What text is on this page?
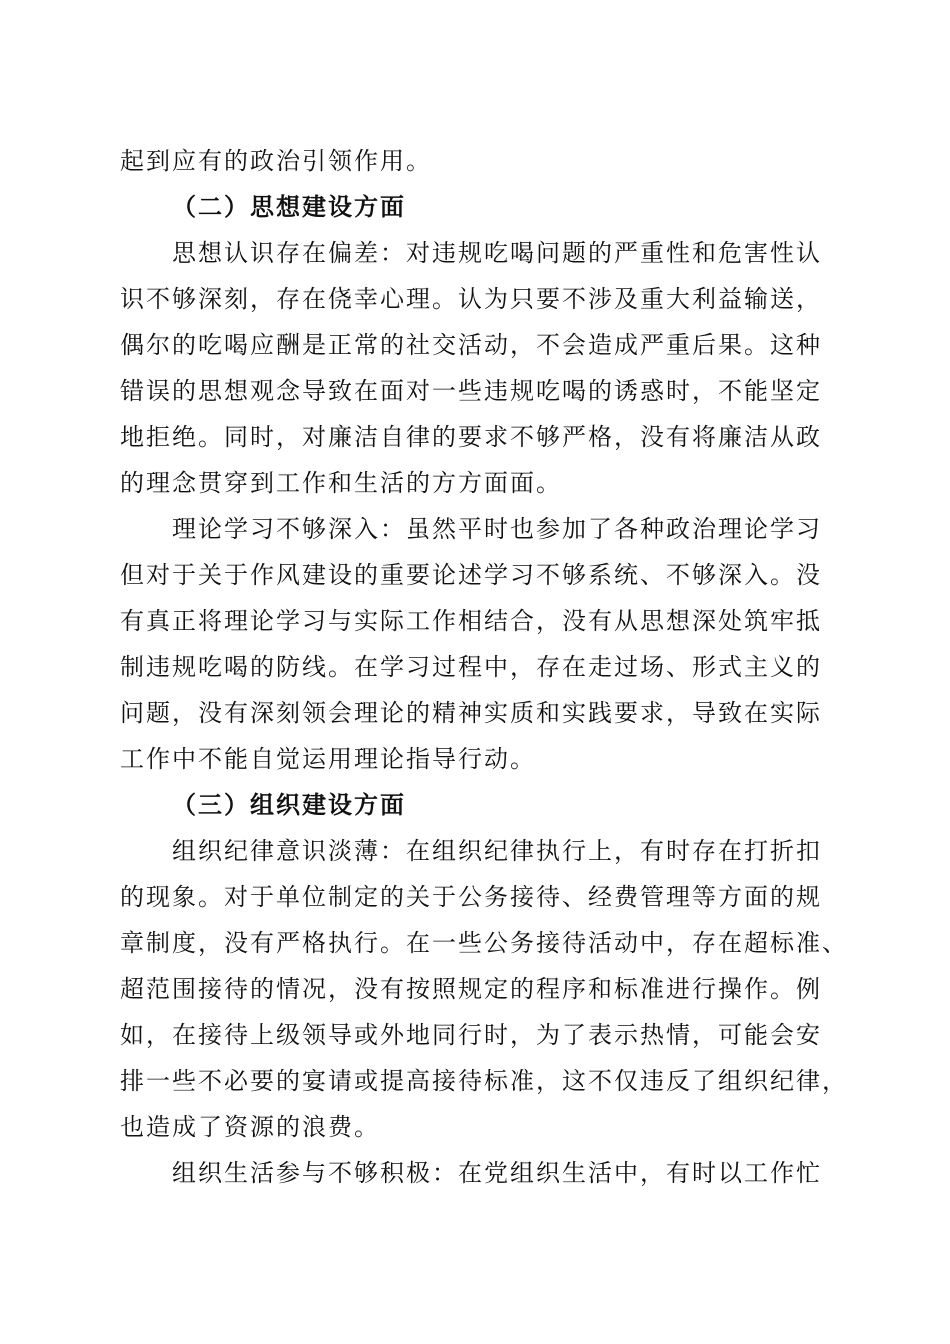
起到应有的政治引领作用。
（二）思想建设方面
思想认识存在偏差：对违规吃喝问题的严重性和危害性认
识不够深刻，存在侥幸心理。认为只要不涉及重大利益输送，
偶尔的吃喝应酬是正常的社交活动，不会造成严重后果。这种
错误的思想观念导致在面对一些违规吃喝的诱惑时，不能坚定
地拒绝。同时，对廉洁自律的要求不够严格，没有将廉洁从政
的理念贯穿到工作和生活的方方面面。
理论学习不够深入：虽然平时也参加了各种政治理论学习
但对于关于作风建设的重要论述学习不够系统、不够深入。没
有真正将理论学习与实际工作相结合，没有从思想深处筑牢抵
制违规吃喝的防线。在学习过程中，存在走过场、形式主义的
问题，没有深刻领会理论的精神实质和实践要求，导致在实际
工作中不能自觉运用理论指导行动。
（三）组织建设方面
组织纪律意识淡薄：在组织纪律执行上，有时存在打折扣
的现象。对于单位制定的关于公务接待、经费管理等方面的规
章制度，没有严格执行。在一些公务接待活动中，存在超标准、
超范围接待的情况，没有按照规定的程序和标准进行操作。例
如，在接待上级领导或外地同行时，为了表示热情，可能会安
排一些不必要的宴请或提高接待标准，这不仅违反了组织纪律，
也造成了资源的浪费。
组织生活参与不够积极：在党组织生活中，有时以工作忙
